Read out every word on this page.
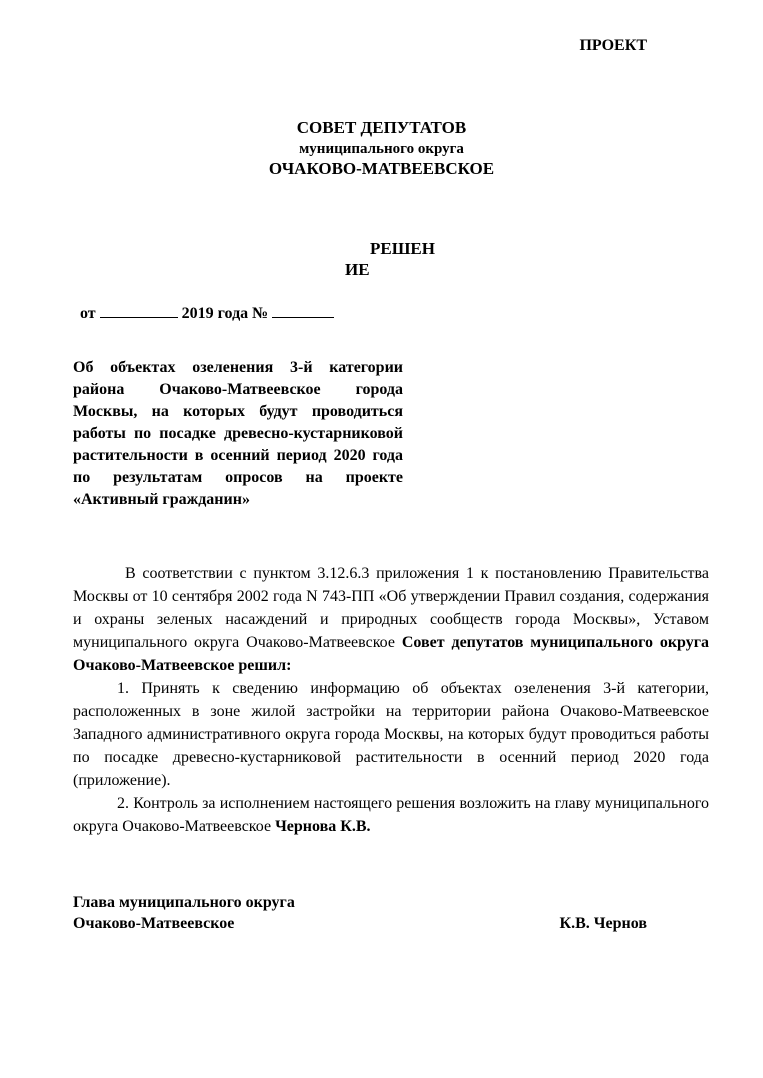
ПРОЕКТ
СОВЕТ ДЕПУТАТОВ
муниципального округа
ОЧАКОВО-МАТВЕЕВСКОЕ
РЕШЕН
ИЕ
от	2019 года №
Об объектах озеленения 3-й категории района Очаково-Матвеевское города Москвы, на которых будут проводиться работы по посадке древесно-кустарниковой растительности в осенний период 2020 года по результатам опросов на проекте «Активный гражданин»

В соответствии с пунктом 3.12.6.3 приложения 1 к постановлению Правительства Москвы от 10 сентября 2002 года N 743-ПП «Об утверждении Правил создания, содержания и охраны зеленых насаждений и природных сообществ города Москвы», Уставом муниципального округа Очаково-Матвеевское Совет депутатов муниципального округа Очаково-Матвеевское решил:

1. Принять к сведению информацию об объектах озеленения 3-й категории, расположенных в зоне жилой застройки на территории района Очаково-Матвеевское Западного административного округа города Москвы, на которых будут проводиться работы по посадке древесно-кустарниковой растительности в осенний период 2020 года (приложение).

2. Контроль за исполнением настоящего решения возложить на главу муниципального округа Очаково-Матвеевское Чернова К.В.

Глава муниципального округа
Очаково-Матвеевское	К.В. Чернов
